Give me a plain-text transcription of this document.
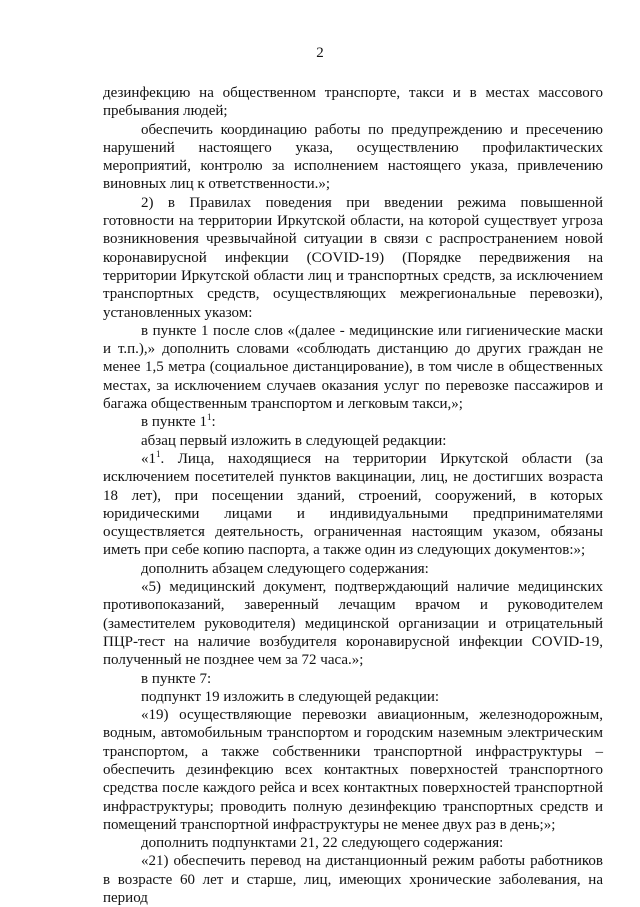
2

дезинфекцию на общественном транспорте, такси и в местах массового пребывания людей;

обеспечить координацию работы по предупреждению и пресечению нарушений настоящего указа, осуществлению профилактических мероприятий, контролю за исполнением настоящего указа, привлечению виновных лиц к ответственности.»;

2) в Правилах поведения при введении режима повышенной готовности на территории Иркутской области, на которой существует угроза возникновения чрезвычайной ситуации в связи с распространением новой коронавирусной инфекции (COVID-19) (Порядке передвижения на территории Иркутской области лиц и транспортных средств, за исключением транспортных средств, осуществляющих межрегиональные перевозки), установленных указом:

в пункте 1 после слов «(далее - медицинские или гигиенические маски и т.п.),» дополнить словами «соблюдать дистанцию до других граждан не менее 1,5 метра (социальное дистанцирование), в том числе в общественных местах, за исключением случаев оказания услуг по перевозке пассажиров и багажа общественным транспортом и легковым такси,»;

в пункте $1^1$:

абзац первый изложить в следующей редакции:

«$1^1$. Лица, находящиеся на территории Иркутской области (за исключением посетителей пунктов вакцинации, лиц, не достигших возраста 18 лет), при посещении зданий, строений, сооружений, в которых юридическими лицами и индивидуальными предпринимателями осуществляется деятельность, ограниченная настоящим указом, обязаны иметь при себе копию паспорта, а также один из следующих документов:»;

дополнить абзацем следующего содержания:

«5) медицинский документ, подтверждающий наличие медицинских противопоказаний, заверенный лечащим врачом и руководителем (заместителем руководителя) медицинской организации и отрицательный ПЦР-тест на наличие возбудителя коронавирусной инфекции COVID-19, полученный не позднее чем за 72 часа.»;

в пункте 7:

подпункт 19 изложить в следующей редакции:

«19) осуществляющие перевозки авиационным, железнодорожным, водным, автомобильным транспортом и городским наземным электрическим транспортом, а также собственники транспортной инфраструктуры – обеспечить дезинфекцию всех контактных поверхностей транспортного средства после каждого рейса и всех контактных поверхностей транспортной инфраструктуры; проводить полную дезинфекцию транспортных средств и помещений транспортной инфраструктуры не менее двух раз в день;»;

дополнить подпунктами 21, 22 следующего содержания:

«21) обеспечить перевод на дистанционный режим работы работников в возрасте 60 лет и старше, лиц, имеющих хронические заболевания, на период
